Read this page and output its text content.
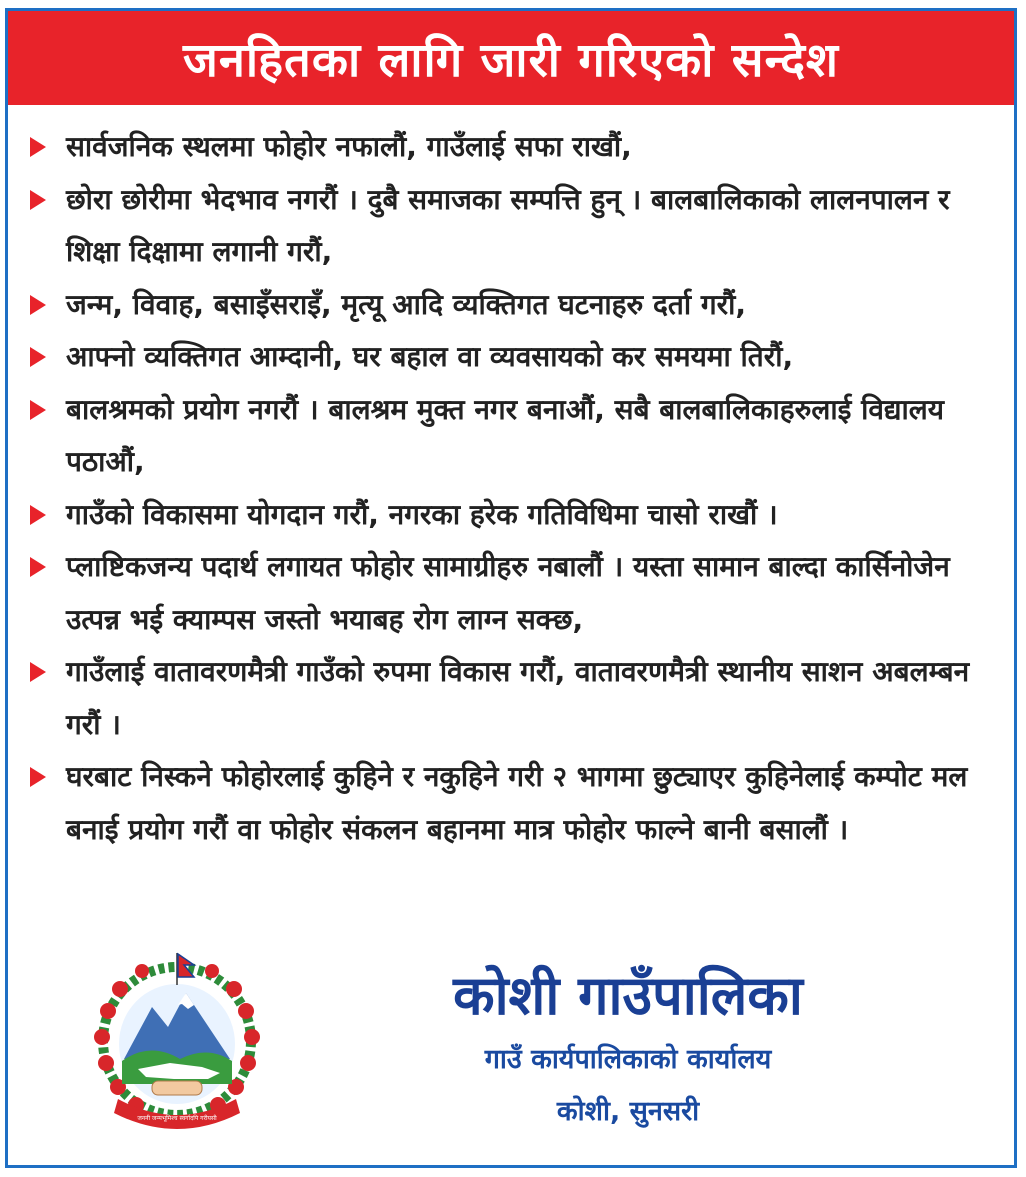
जनहितका लागि जारी गरिएको सन्देश
सार्वजनिक स्थलमा फोहोर नफालौं, गाउँलाई सफा राखौं,
छोरा छोरीमा भेदभाव नगरौं । दुबै समाजका सम्पत्ति हुन् । बालबालिकाको लालनपालन र शिक्षा दिक्षामा लगानी गरौं,
जन्म, विवाह, बसाइँसराइँ, मृत्यू आदि व्यक्तिगत घटनाहरु दर्ता गरौं,
आफ्नो व्यक्तिगत आम्दानी, घर बहाल वा व्यवसायको कर समयमा तिरौं,
बालश्रमको प्रयोग नगरौं । बालश्रम मुक्त नगर बनाऔं, सबै बालबालिकाहरुलाई विद्यालय पठाऔं,
गाउँको विकासमा योगदान गरौं, नगरका हरेक गतिविधिमा चासो राखौं ।
प्लाष्टिकजन्य पदार्थ लगायत फोहोर सामाग्रीहरु नबालौं । यस्ता सामान बाल्दा कार्सिनोजेन उत्पन्न भई क्याम्पस जस्तो भयाबह रोग लाग्न सक्छ,
गाउँलाई वातावरणमैत्री गाउँको रुपमा विकास गरौं, वातावरणमैत्री स्थानीय साशन अबलम्बन गरौं ।
घरबाट निस्कने फोहोरलाई कुहिने र नकुहिने गरी २ भागमा छुट्याएर कुहिनेलाई कम्पोट मल बनाई प्रयोग गरौं वा फोहोर संकलन बहानमा मात्र फोहोर फाल्ने बानी बसालौं ।
जननी जन्मभूमिश्च स्वर्गादपि गरीयसी
कोशी गाउँपालिका
गाउँ कार्यपालिकाको कार्यालय
कोशी, सुनसरी
